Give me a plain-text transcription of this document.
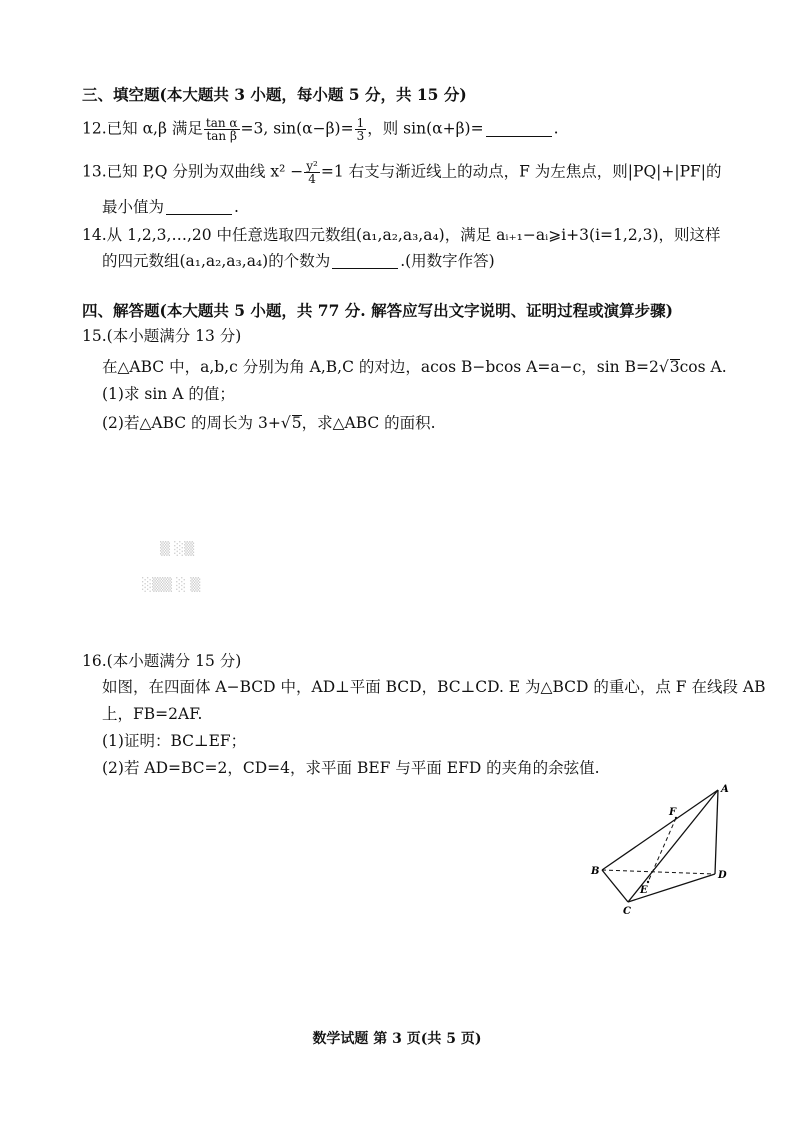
三、填空题(本大题共 3 小题，每小题 5 分，共 15 分)
12.已知 α,β 满足 $\frac{\text{tan α}}{\text{tan β}} =3$, $\sin(\alpha-\beta)= \frac{1}{3}$ ，则 sin(α+β)=	.
13.已知 P,Q 分别为双曲线 $x^2 - \frac{\text{y²}}{4} =1$ 右支与渐近线上的动点，F 为左焦点，则|PQ|+|PF|的
最小值为	.
14.从 1,2,3,…,20 中任意选取四元数组(a₁,a₂,a₃,a₄)，满足 aᵢ₊₁−aᵢ⩾i+3(i=1,2,3)，则这样
的四元数组(a₁,a₂,a₃,a₄)的个数为	.(用数字作答)
四、解答题(本大题共 5 小题，共 77 分. 解答应写出文字说明、证明过程或演算步骤)
15.(本小题满分 13 分)
在△ABC 中，a,b,c 分别为角 A,B,C 的对边，acos B−bcos A=a−c，sin B=2√3cos A.
(1)求 sin A 的值；
(2)若△ABC 的周长为 3+√5，求△ABC 的面积.
▒ ░▒
░▒▒ ░ ▒
16.(本小题满分 15 分)
如图，在四面体 A−BCD 中，AD⊥平面 BCD，BC⊥CD. E 为△BCD 的重心，点 F 在线段 AB
上，FB=2AF.
(1)证明：BC⊥EF；
(2)若 AD=BC=2，CD=4，求平面 BEF 与平面 EFD 的夹角的余弦值.
A
B
C
D
E
F
数学试题 第 3 页(共 5 页)
